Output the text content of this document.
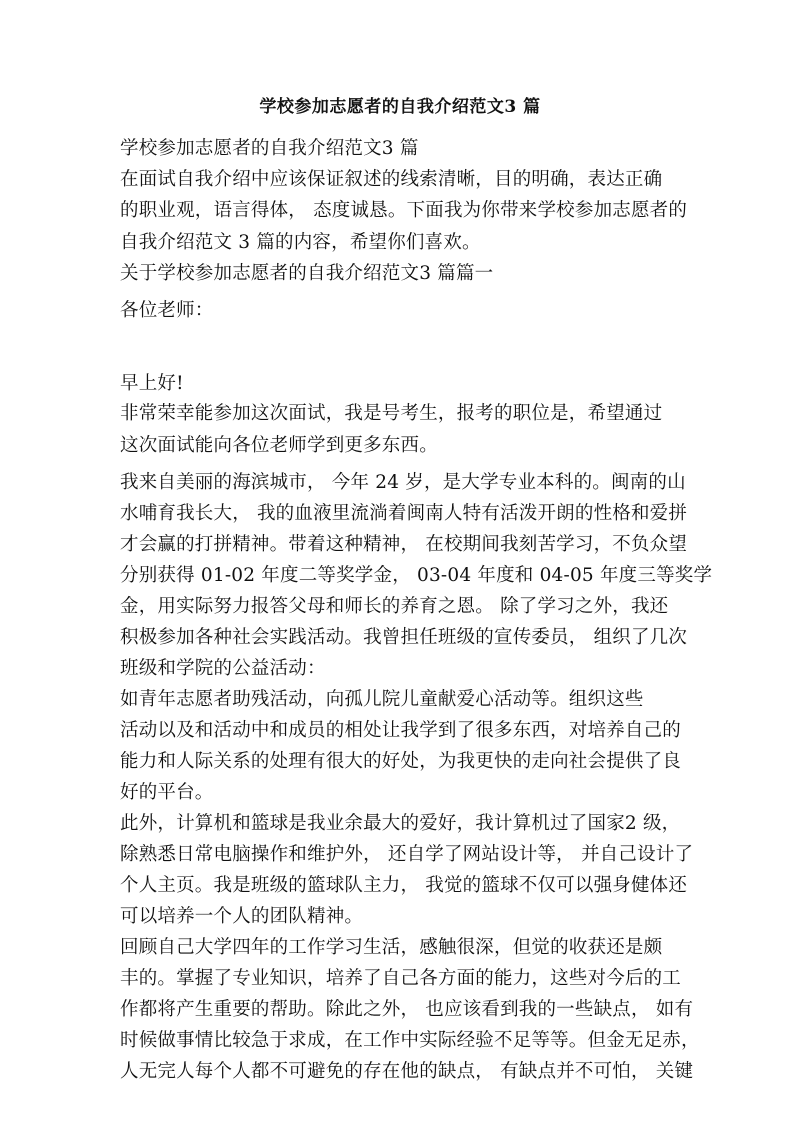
学校参加志愿者的自我介绍范文3 篇
学校参加志愿者的自我介绍范文3 篇
在面试自我介绍中应该保证叙述的线索清晰，目的明确，表达正确
的职业观，语言得体， 态度诚恳。下面我为你带来学校参加志愿者的
自我介绍范文 3 篇的内容，希望你们喜欢。
关于学校参加志愿者的自我介绍范文3 篇篇一
各位老师：
早上好!
非常荣幸能参加这次面试，我是号考生，报考的职位是，希望通过
这次面试能向各位老师学到更多东西。
我来自美丽的海滨城市， 今年 24 岁，是大学专业本科的。闽南的山
水哺育我长大， 我的血液里流淌着闽南人特有活泼开朗的性格和爱拼
才会赢的打拼精神。带着这种精神， 在校期间我刻苦学习，不负众望
分别获得 01-02 年度二等奖学金， 03-04 年度和 04-05 年度三等奖学
金，用实际努力报答父母和师长的养育之恩。 除了学习之外，我还
积极参加各种社会实践活动。我曾担任班级的宣传委员， 组织了几次
班级和学院的公益活动：
如青年志愿者助残活动，向孤儿院儿童献爱心活动等。组织这些
活动以及和活动中和成员的相处让我学到了很多东西，对培养自己的
能力和人际关系的处理有很大的好处，为我更快的走向社会提供了良
好的平台。
此外，计算机和篮球是我业余最大的爱好，我计算机过了国家2 级，
除熟悉日常电脑操作和维护外， 还自学了网站设计等， 并自己设计了
个人主页。我是班级的篮球队主力， 我觉的篮球不仅可以强身健体还
可以培养一个人的团队精神。
回顾自己大学四年的工作学习生活，感触很深，但觉的收获还是颇
丰的。掌握了专业知识，培养了自己各方面的能力，这些对今后的工
作都将产生重要的帮助。除此之外， 也应该看到我的一些缺点， 如有
时候做事情比较急于求成，在工作中实际经验不足等等。但金无足赤，
人无完人每个人都不可避免的存在他的缺点， 有缺点并不可怕， 关键
